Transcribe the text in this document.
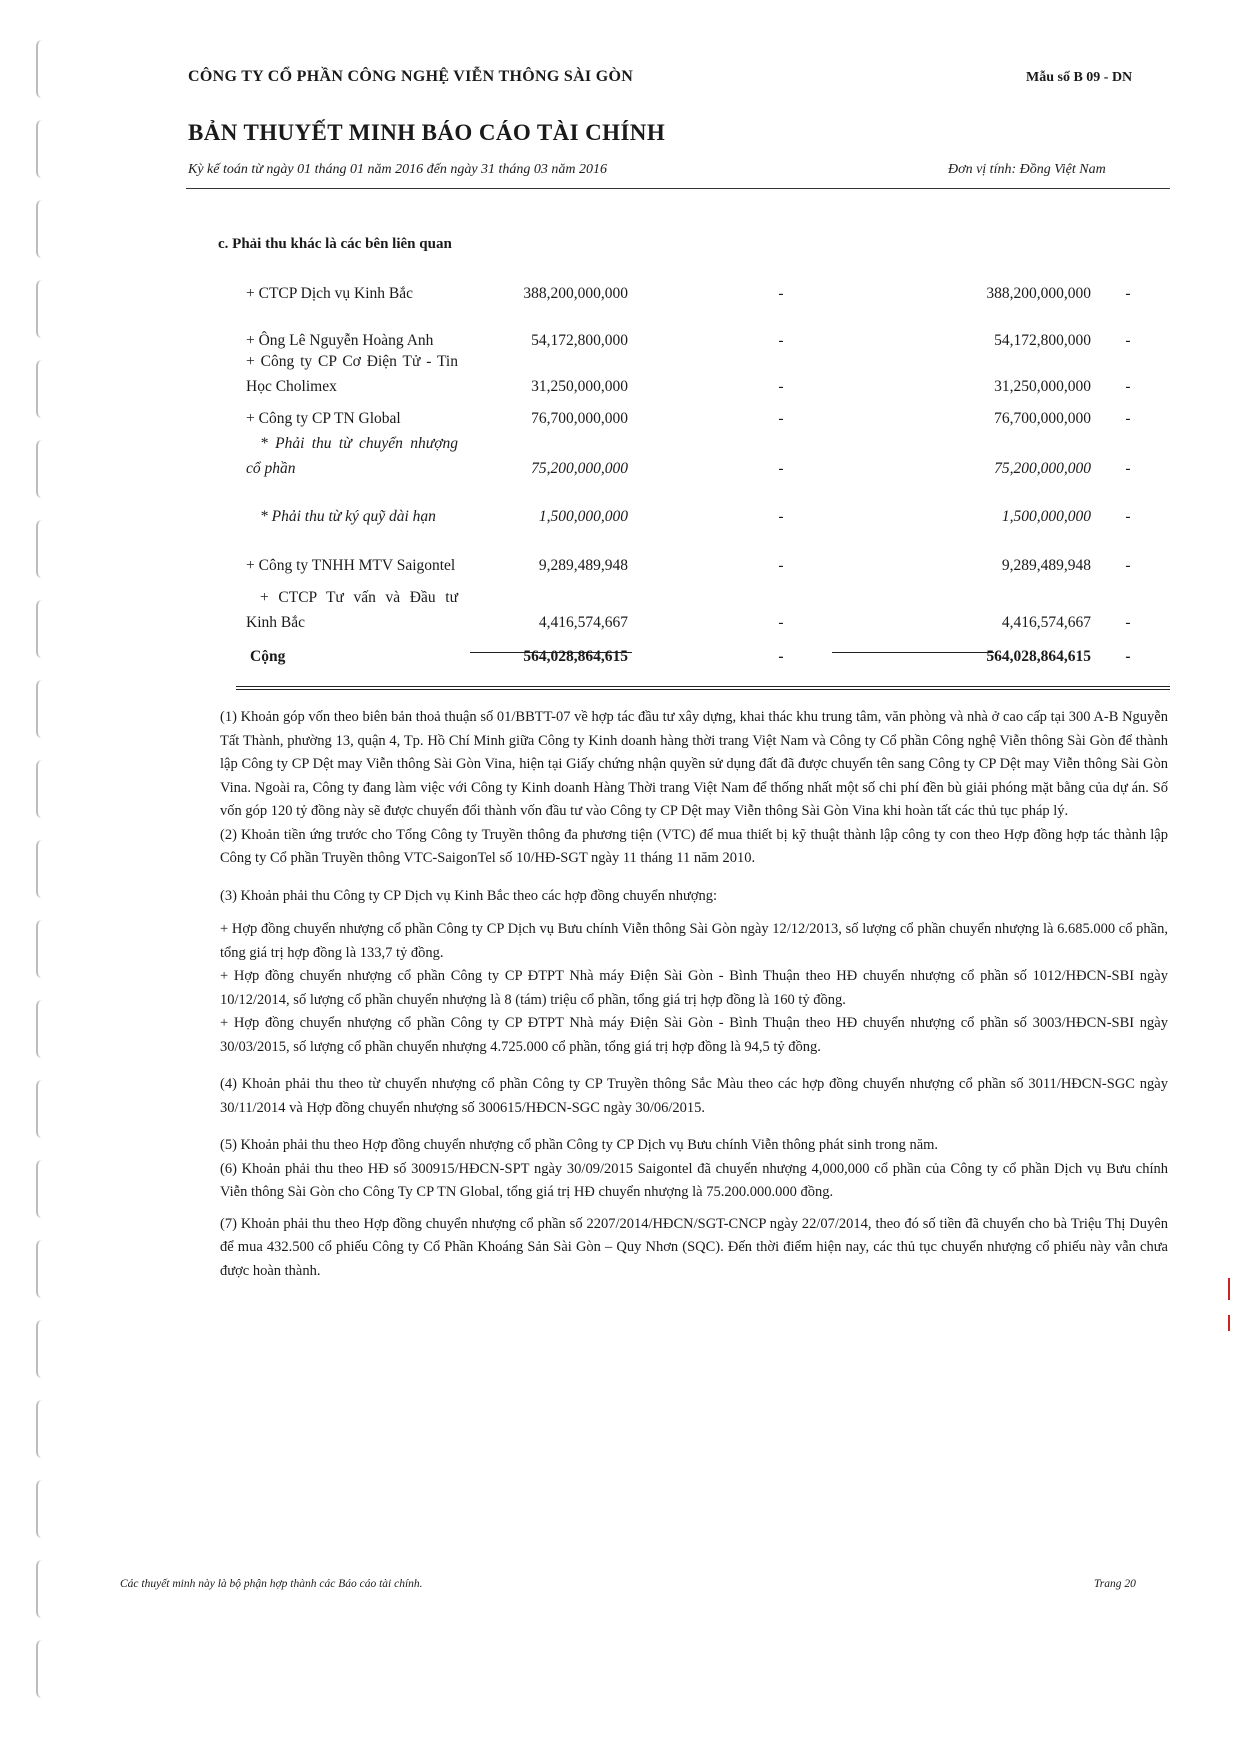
CÔNG TY CỔ PHẦN CÔNG NGHỆ VIỄN THÔNG SÀI GÒN	Mẫu số B 09 - DN
BẢN THUYẾT MINH BÁO CÁO TÀI CHÍNH
Kỳ kế toán từ ngày 01 tháng 01 năm 2016 đến ngày 31 tháng 03 năm 2016	Đơn vị tính: Đồng Việt Nam
c. Phải thu khác là các bên liên quan
+ CTCP Dịch vụ Kinh Bắc	388,200,000,000	-	388,200,000,000	-
+ Ông Lê Nguyễn Hoàng Anh	54,172,800,000	-	54,172,800,000	-
+ Công ty CP Cơ Điện Tử - Tin Học Cholimex	31,250,000,000	-	31,250,000,000	-
+ Công ty CP TN Global	76,700,000,000	-	76,700,000,000	-
* Phải thu từ chuyển nhượng cổ phần	75,200,000,000	-	75,200,000,000	-
* Phải thu từ ký quỹ dài hạn	1,500,000,000	-	1,500,000,000	-
+ Công ty TNHH MTV Saigontel	9,289,489,948	-	9,289,489,948	-
+ CTCP Tư vấn và Đầu tư Kinh Bắc	4,416,574,667	-	4,416,574,667	-
Cộng	564,028,864,615	-	564,028,864,615	-

(1) Khoản góp vốn theo biên bản thoả thuận số 01/BBTT-07 về hợp tác đầu tư xây dựng, khai thác khu trung tâm, văn phòng và nhà ở cao cấp tại 300 A-B Nguyễn Tất Thành, phường 13, quận 4, Tp. Hồ Chí Minh giữa Công ty Kinh doanh hàng thời trang Việt Nam và Công ty Cổ phần Công nghệ Viễn thông Sài Gòn để thành lập Công ty CP Dệt may Viễn thông Sài Gòn Vina, hiện tại Giấy chứng nhận quyền sử dụng đất đã được chuyển tên sang Công ty CP Dệt may Viễn thông Sài Gòn Vina. Ngoài ra, Công ty đang làm việc với Công ty Kinh doanh Hàng Thời trang Việt Nam để thống nhất một số chi phí đền bù giải phóng mặt bằng của dự án. Số vốn góp 120 tỷ đồng này sẽ được chuyển đổi thành vốn đầu tư vào Công ty CP Dệt may Viễn thông Sài Gòn Vina khi hoàn tất các thủ tục pháp lý.

(2) Khoản tiền ứng trước cho Tổng Công ty Truyền thông đa phương tiện (VTC) để mua thiết bị kỹ thuật thành lập công ty con theo Hợp đồng hợp tác thành lập Công ty Cổ phần Truyền thông VTC-SaigonTel số 10/HĐ-SGT ngày 11 tháng 11 năm 2010.

(3) Khoản phải thu Công ty CP Dịch vụ Kinh Bắc theo các hợp đồng chuyển nhượng:

+ Hợp đồng chuyển nhượng cổ phần Công ty CP Dịch vụ Bưu chính Viễn thông Sài Gòn ngày 12/12/2013, số lượng cổ phần chuyển nhượng là 6.685.000 cổ phần, tổng giá trị hợp đồng là 133,7 tỷ đồng.

+ Hợp đồng chuyển nhượng cổ phần Công ty CP ĐTPT Nhà máy Điện Sài Gòn - Bình Thuận theo HĐ chuyển nhượng cổ phần số 1012/HĐCN-SBI ngày 10/12/2014, số lượng cổ phần chuyển nhượng là 8 (tám) triệu cổ phần, tổng giá trị hợp đồng là 160 tỷ đồng.

+ Hợp đồng chuyển nhượng cổ phần Công ty CP ĐTPT Nhà máy Điện Sài Gòn - Bình Thuận theo HĐ chuyển nhượng cổ phần số 3003/HĐCN-SBI ngày 30/03/2015, số lượng cổ phần chuyển nhượng 4.725.000 cổ phần, tổng giá trị hợp đồng là 94,5 tỷ đồng.

(4) Khoản phải thu theo từ chuyển nhượng cổ phần Công ty CP Truyền thông Sắc Màu theo các hợp đồng chuyển nhượng cổ phần số 3011/HĐCN-SGC ngày 30/11/2014 và Hợp đồng chuyển nhượng số 300615/HĐCN-SGC ngày 30/06/2015.

(5) Khoản phải thu theo Hợp đồng chuyển nhượng cổ phần Công ty CP Dịch vụ Bưu chính Viễn thông phát sinh trong năm.

(6) Khoản phải thu theo HĐ số 300915/HĐCN-SPT ngày 30/09/2015 Saigontel đã chuyển nhượng 4,000,000 cổ phần của Công ty cổ phần Dịch vụ Bưu chính Viễn thông Sài Gòn cho Công Ty CP TN Global, tổng giá trị HĐ chuyển nhượng là 75.200.000.000 đồng.

(7) Khoản phải thu theo Hợp đồng chuyển nhượng cổ phần số 2207/2014/HĐCN/SGT-CNCP ngày 22/07/2014, theo đó số tiền đã chuyển cho bà Triệu Thị Duyên để mua 432.500 cổ phiếu Công ty Cổ Phần Khoáng Sản Sài Gòn – Quy Nhơn (SQC). Đến thời điểm hiện nay, các thủ tục chuyển nhượng cổ phiếu này vẫn chưa được hoàn thành.

Các thuyết minh này là bộ phận hợp thành các Báo cáo tài chính.	Trang 20
